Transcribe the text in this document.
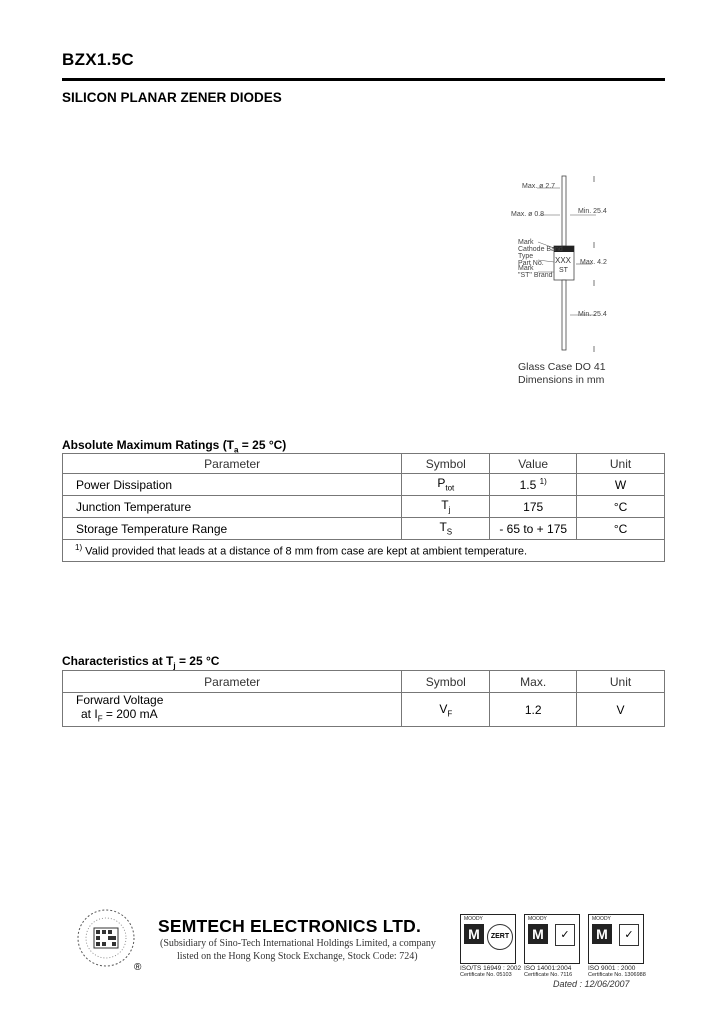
BZX1.5C
SILICON PLANAR ZENER DIODES
Max. ø 2.7
Max. ø 0.8	Min. 25.4
Mark
Cathode Band
Type
Part No.
Mark
"ST" Brand
XXX
ST
Max. 4.2
Min. 25.4
Glass Case DO 41
Dimensions in mm
Absolute Maximum Ratings ($T_a = 25$ °C)
Parameter	Symbol	Value	Unit
Power Dissipation	$P_{tot}$	1.5 $^{1)}$	W
Junction Temperature	$T_j$	175	°C
Storage Temperature Range	$T_S$	- 65 to + 175	°C
$^{1)}$ Valid provided that leads at a distance of 8 mm from case are kept at ambient temperature.			
Characteristics at $T_j = 25$ °C
Parameter	Symbol	Max.	Unit

Forward Voltage
at $I_F = 200$ mA	$V_F$	1.2	V
®
SEMTECH ELECTRONICS LTD.
(Subsidiary of Sino-Tech International Holdings Limited, a company
listed on the Hong Kong Stock Exchange, Stock Code: 724)
MOODY
M	ZERT
ISO/TS 16949 : 2002
Certificate No. 05103
MOODY
M	✓
ISO 14001:2004
Certificate No. 7116
MOODY
M	✓
ISO 9001 : 2000
Certificate No. 1306988
Dated : 12/06/2007
